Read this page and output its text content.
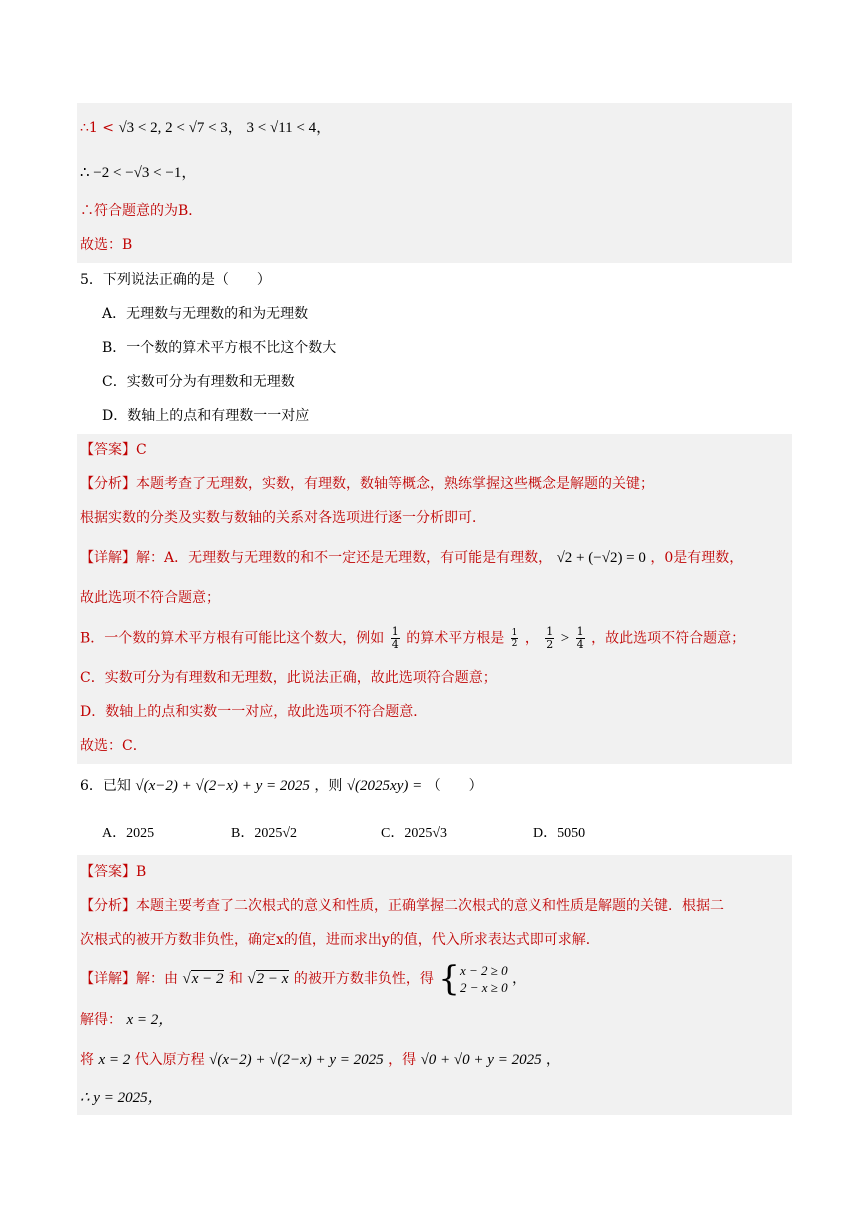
∴1 < √3 < 2, 2 < √7 < 3， 3 < √11 < 4，
∴ −2 < −√3 < −1，
∴符合题意的为B．
故选：B
5．下列说法正确的是（　　）
A．无理数与无理数的和为无理数
B．一个数的算术平方根不比这个数大
C．实数可分为有理数和无理数
D．数轴上的点和有理数一一对应
【答案】C
【分析】本题考查了无理数，实数，有理数，数轴等概念，熟练掌握这些概念是解题的关键；
根据实数的分类及实数与数轴的关系对各选项进行逐一分析即可．
【详解】解：A．无理数与无理数的和不一定还是无理数，有可能是有理数， √2 + (−√2) = 0 ，0是有理数，
故此选项不符合题意；
B．一个数的算术平方根有可能比这个数大，例如 $\frac{1}{4}$ 的算术平方根是 $\frac{1}{2}$ ， $\frac{1}{2} > \frac{1}{4}$ ，故此选项不符合题意；
C．实数可分为有理数和无理数，此说法正确，故此选项符合题意；
D．数轴上的点和实数一一对应，故此选项不符合题意．
故选：C．
6．已知 √(x−2) + √(2−x) + y = 2025 ，则 √(2025xy) = （　　）
A．2025	B．2025√2	C．2025√3	D．5050
【答案】B
【分析】本题主要考查了二次根式的意义和性质，正确掌握二次根式的意义和性质是解题的关键．根据二
次根式的被开方数非负性，确定x的值，进而求出y的值，代入所求表达式即可求解．
【详解】解：由 √x − 2 和 √2 − x 的被开方数非负性，得 { x − 2 ≥ 0
2 − x ≥ 0
，
解得： x = 2，
将 x = 2 代入原方程 √(x−2) + √(2−x) + y = 2025 ，得 √0 + √0 + y = 2025 ，
∴ y = 2025，
